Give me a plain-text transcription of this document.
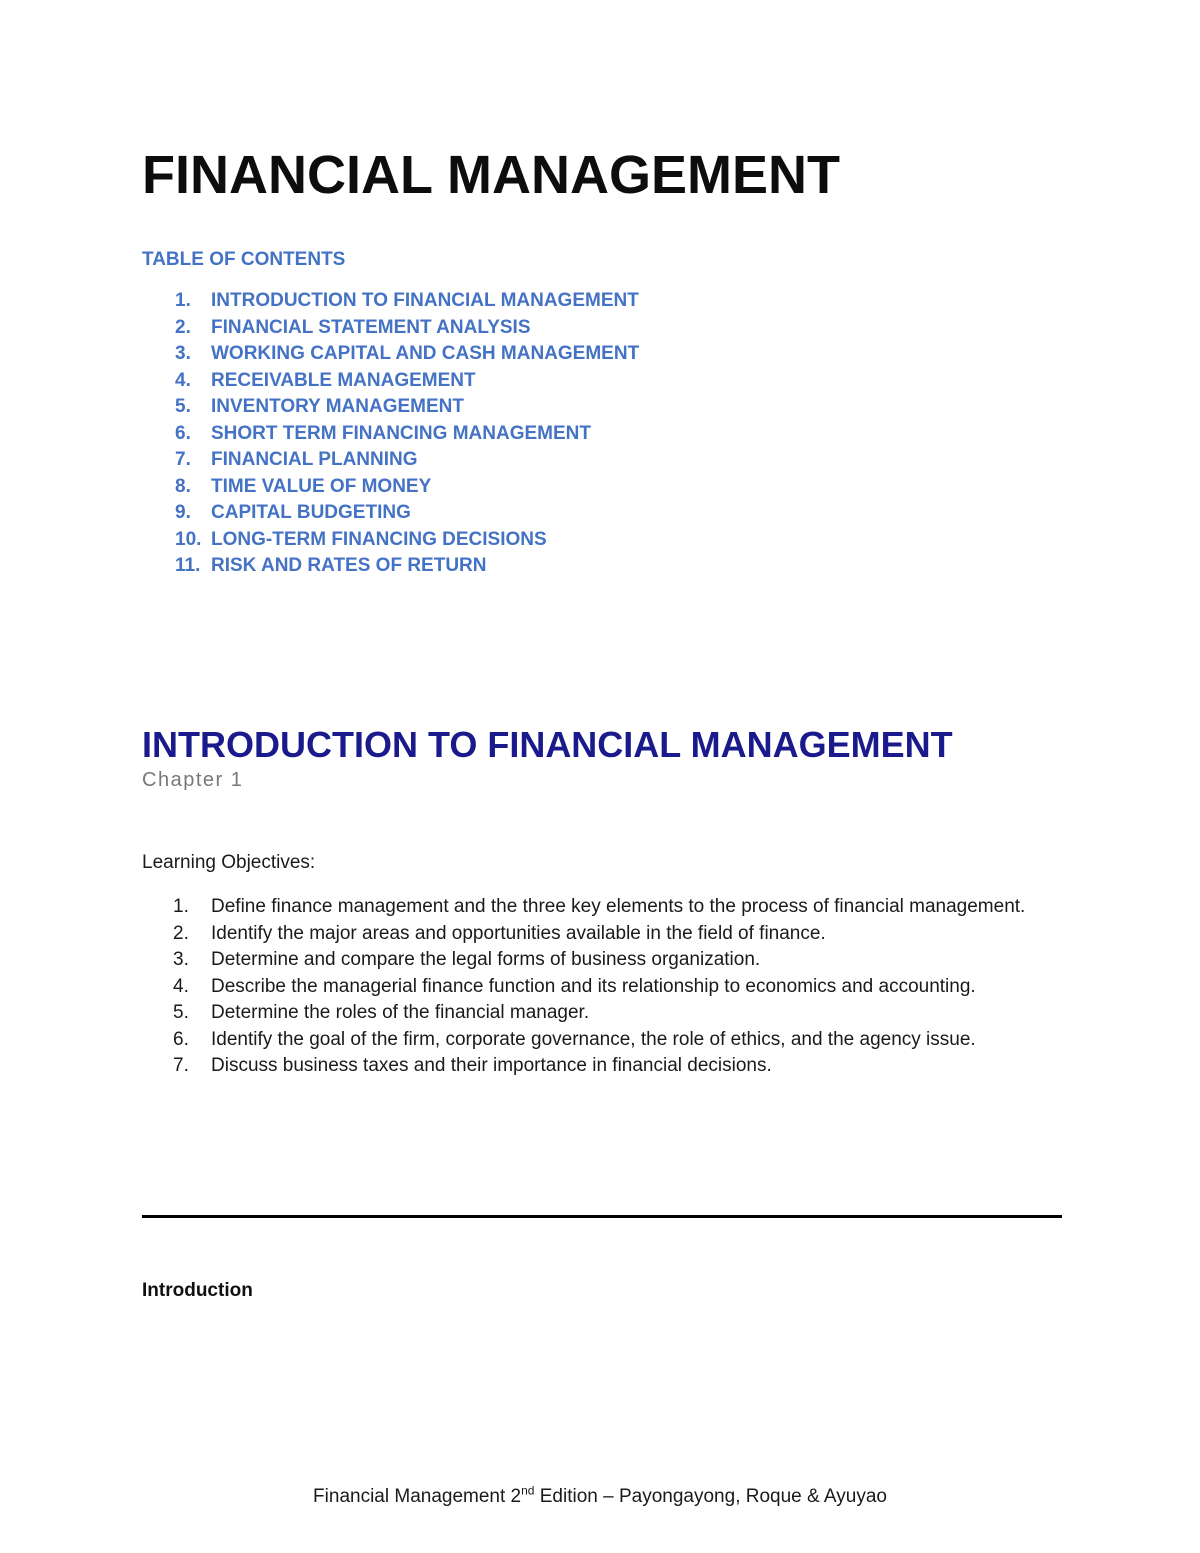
FINANCIAL MANAGEMENT
TABLE OF CONTENTS
1. INTRODUCTION TO FINANCIAL MANAGEMENT
2. FINANCIAL STATEMENT ANALYSIS
3. WORKING CAPITAL AND CASH MANAGEMENT
4. RECEIVABLE MANAGEMENT
5. INVENTORY MANAGEMENT
6. SHORT TERM FINANCING MANAGEMENT
7. FINANCIAL PLANNING
8. TIME VALUE OF MONEY
9. CAPITAL BUDGETING
10. LONG-TERM FINANCING DECISIONS
11. RISK AND RATES OF RETURN
INTRODUCTION TO FINANCIAL MANAGEMENT
Chapter 1
Learning Objectives:
1. Define finance management and the three key elements to the process of financial management.
2. Identify the major areas and opportunities available in the field of finance.
3. Determine and compare the legal forms of business organization.
4. Describe the managerial finance function and its relationship to economics and accounting.
5. Determine the roles of the financial manager.
6. Identify the goal of the firm, corporate governance, the role of ethics, and the agency issue.
7. Discuss business taxes and their importance in financial decisions.
Introduction
Financial Management 2nd Edition – Payongayong, Roque & Ayuyao
